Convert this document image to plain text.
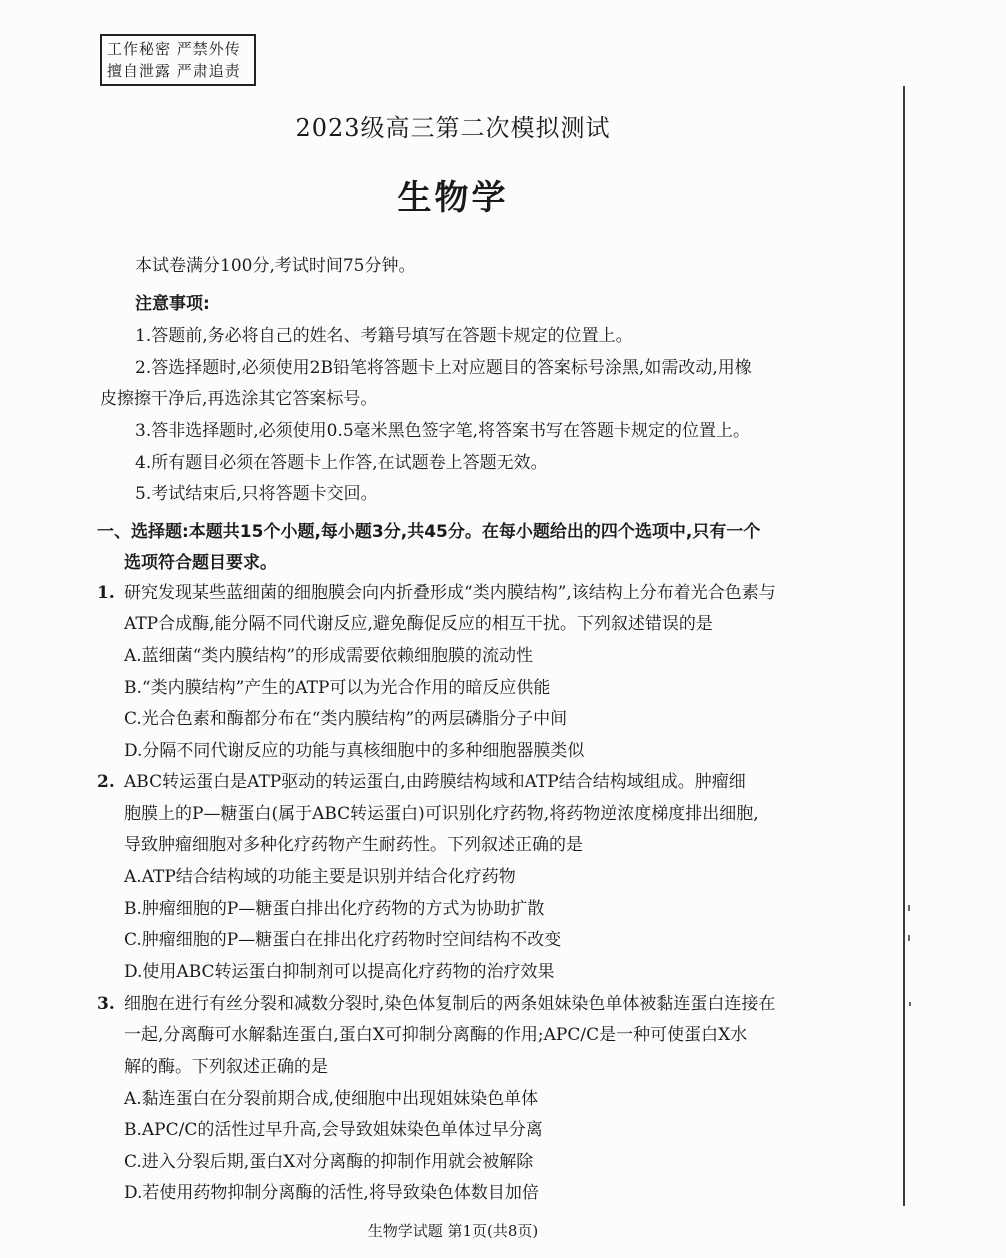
工作秘密 严禁外传
擅自泄露 严肃追责
2023级高三第二次模拟测试
生物学
本试卷满分100分,考试时间75分钟。
注意事项:
1.答题前,务必将自己的姓名、考籍号填写在答题卡规定的位置上。
2.答选择题时,必须使用2B铅笔将答题卡上对应题目的答案标号涂黑,如需改动,用橡
皮擦擦干净后,再选涂其它答案标号。
3.答非选择题时,必须使用0.5毫米黑色签字笔,将答案书写在答题卡规定的位置上。
4.所有题目必须在答题卡上作答,在试题卷上答题无效。
5.考试结束后,只将答题卡交回。
一、选择题:本题共15个小题,每小题3分,共45分。在每小题给出的四个选项中,只有一个
选项符合题目要求。
1. 研究发现某些蓝细菌的细胞膜会向内折叠形成“类内膜结构”,该结构上分布着光合色素与
ATP合成酶,能分隔不同代谢反应,避免酶促反应的相互干扰。下列叙述错误的是
A.蓝细菌“类内膜结构”的形成需要依赖细胞膜的流动性
B.“类内膜结构”产生的ATP可以为光合作用的暗反应供能
C.光合色素和酶都分布在“类内膜结构”的两层磷脂分子中间
D.分隔不同代谢反应的功能与真核细胞中的多种细胞器膜类似
2. ABC转运蛋白是ATP驱动的转运蛋白,由跨膜结构域和ATP结合结构域组成。肿瘤细
胞膜上的P—糖蛋白(属于ABC转运蛋白)可识别化疗药物,将药物逆浓度梯度排出细胞,
导致肿瘤细胞对多种化疗药物产生耐药性。下列叙述正确的是
A.ATP结合结构域的功能主要是识别并结合化疗药物
B.肿瘤细胞的P—糖蛋白排出化疗药物的方式为协助扩散
C.肿瘤细胞的P—糖蛋白在排出化疗药物时空间结构不改变
D.使用ABC转运蛋白抑制剂可以提高化疗药物的治疗效果
3. 细胞在进行有丝分裂和减数分裂时,染色体复制后的两条姐妹染色单体被黏连蛋白连接在
一起,分离酶可水解黏连蛋白,蛋白X可抑制分离酶的作用;APC/C是一种可使蛋白X水
解的酶。下列叙述正确的是
A.黏连蛋白在分裂前期合成,使细胞中出现姐妹染色单体
B.APC/C的活性过早升高,会导致姐妹染色单体过早分离
C.进入分裂后期,蛋白X对分离酶的抑制作用就会被解除
D.若使用药物抑制分离酶的活性,将导致染色体数目加倍
生物学试题 第1页(共8页)
